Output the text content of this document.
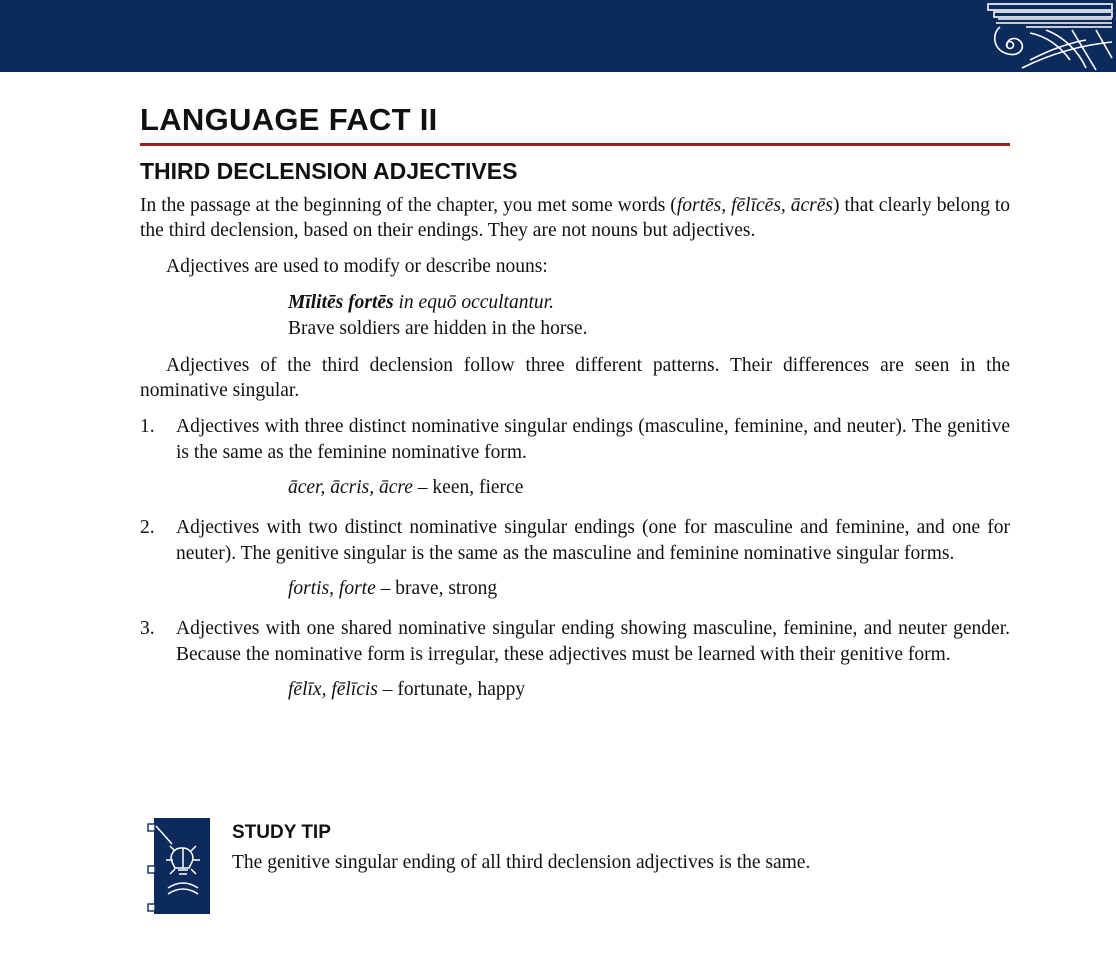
LANGUAGE FACT II
THIRD DECLENSION ADJECTIVES

In the passage at the beginning of the chapter, you met some words (fortēs, fēlīcēs, ācrēs) that clearly belong to the third declension, based on their endings. They are not nouns but adjectives.

Adjectives are used to modify or describe nouns:

Mīlitēs fortēs in equō occultantur.
Brave soldiers are hidden in the horse.

Adjectives of the third declension follow three different patterns. Their differences are seen in the nominative singular.

1.	Adjectives with three distinct nominative singular endings (masculine, feminine, and neuter). The genitive is the same as the feminine nominative form.
ācer, ācris, ācre – keen, fierce
2.	Adjectives with two distinct nominative singular endings (one for masculine and feminine, and one for neuter). The genitive singular is the same as the masculine and feminine nominative singular forms.
fortis, forte – brave, strong
3.	Adjectives with one shared nominative singular ending showing masculine, feminine, and neuter gender. Because the nominative form is irregular, these adjectives must be learned with their genitive form.
fēlīx, fēlīcis – fortunate, happy
STUDY TIP

The genitive singular ending of all third declension adjectives is the same.
